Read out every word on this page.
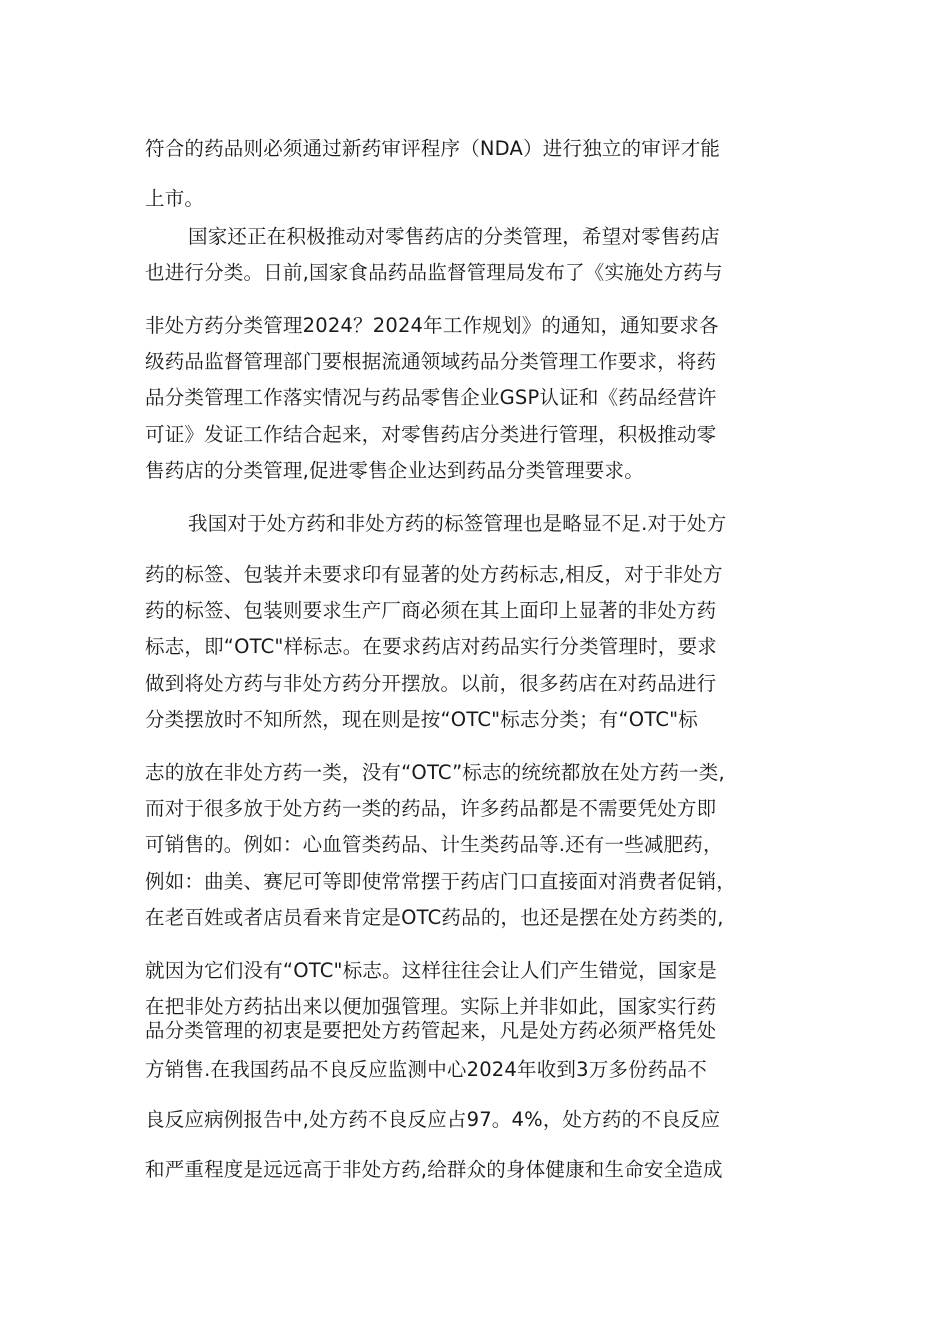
符合的药品则必须通过新药审评程序（NDA）进行独立的审评才能
上市。
国家还正在积极推动对零售药店的分类管理，希望对零售药店
也进行分类。日前,国家食品药品监督管理局发布了《实施处方药与
非处方药分类管理2024？2024年工作规划》的通知，通知要求各
级药品监督管理部门要根据流通领域药品分类管理工作要求，将药
品分类管理工作落实情况与药品零售企业GSP认证和《药品经营许
可证》发证工作结合起来，对零售药店分类进行管理，积极推动零
售药店的分类管理,促进零售企业达到药品分类管理要求。
我国对于处方药和非处方药的标签管理也是略显不足.对于处方
药的标签、包装并未要求印有显著的处方药标志,相反，对于非处方
药的标签、包装则要求生产厂商必须在其上面印上显著的非处方药
标志，即“OTC"样标志。在要求药店对药品实行分类管理时，要求
做到将处方药与非处方药分开摆放。以前，很多药店在对药品进行
分类摆放时不知所然，现在则是按“OTC"标志分类；有“OTC"标
志的放在非处方药一类，没有“OTC”标志的统统都放在处方药一类,
而对于很多放于处方药一类的药品，许多药品都是不需要凭处方即
可销售的。例如：心血管类药品、计生类药品等.还有一些减肥药，
例如：曲美、赛尼可等即使常常摆于药店门口直接面对消费者促销，
在老百姓或者店员看来肯定是OTC药品的，也还是摆在处方药类的,
就因为它们没有“OTC"标志。这样往往会让人们产生错觉，国家是
在把非处方药拈出来以便加强管理。实际上并非如此，国家实行药
品分类管理的初衷是要把处方药管起来，凡是处方药必须严格凭处
方销售.在我国药品不良反应监测中心2024年收到3万多份药品不
良反应病例报告中,处方药不良反应占97。4%，处方药的不良反应
和严重程度是远远高于非处方药,给群众的身体健康和生命安全造成
